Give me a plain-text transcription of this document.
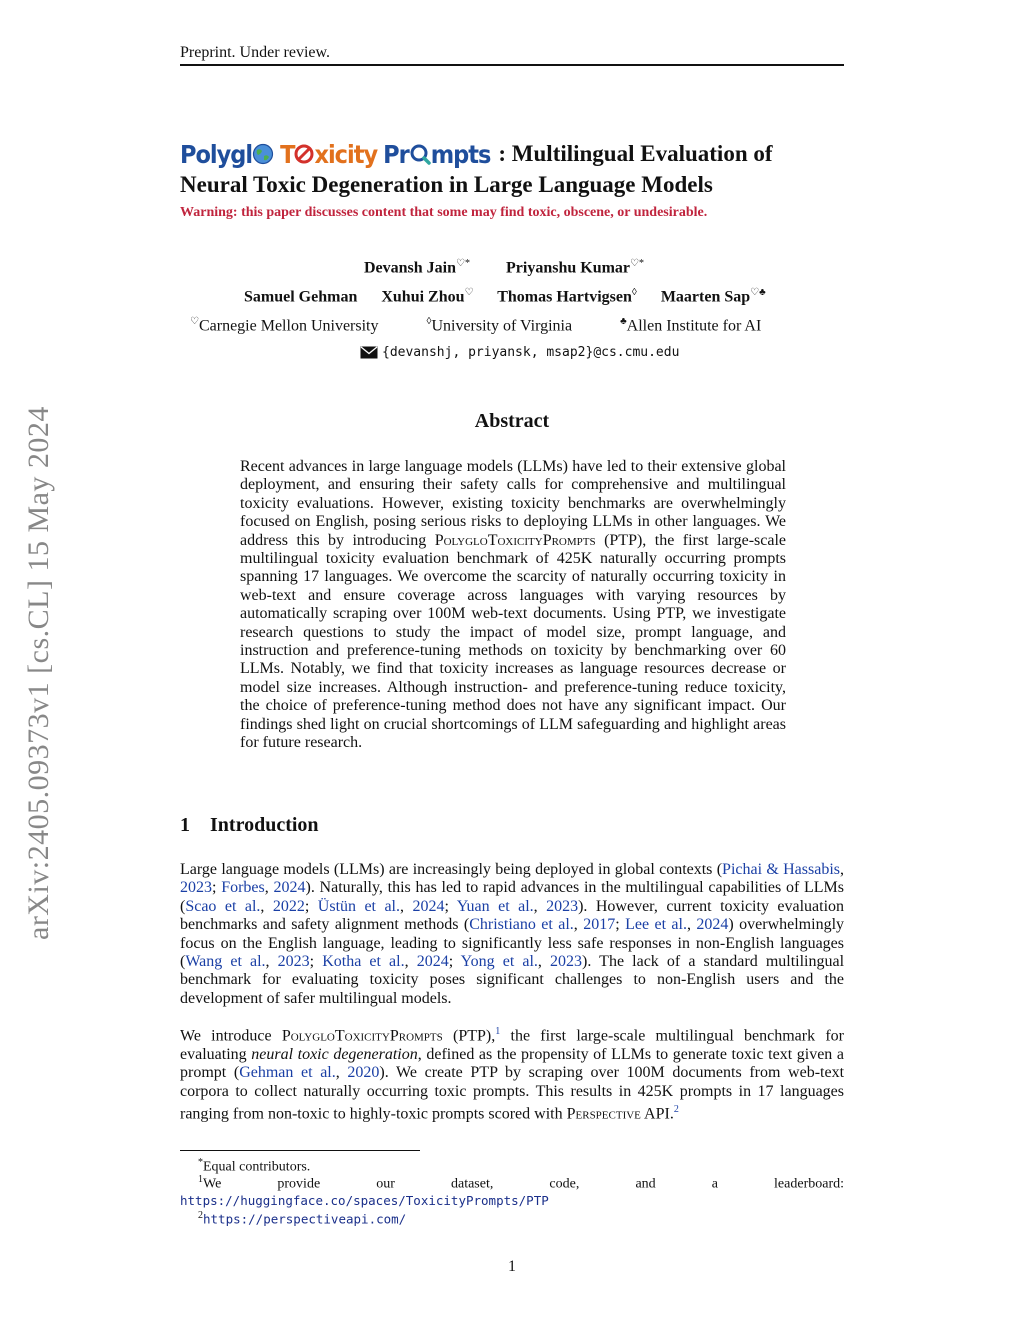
Preprint. Under review.
arXiv:2405.09373v1 [cs.CL] 15 May 2024
Polygl T xicity Pr mpts : Multilingual Evaluation of
Neural Toxic Degeneration in Large Language Models
Warning: this paper discusses content that some may find toxic, obscene, or undesirable.
Devansh Jain♡* Priyanshu Kumar♡*
Samuel Gehman Xuhui Zhou♡ Thomas Hartvigsen◊ Maarten Sap♡♣
♡Carnegie Mellon University	◊University of Virginia	♣Allen Institute for AI
{devanshj, priyansk, msap2}@cs.cmu.edu
Abstract
Recent advances in large language models (LLMs) have led to their extensive global deployment, and ensuring their safety calls for comprehensive and multilingual toxicity evaluations. However, existing toxicity benchmarks are overwhelmingly focused on English, posing serious risks to deploying LLMs in other languages. We address this by introducing PolygloToxicityPrompts (PTP), the first large-scale multilingual toxicity evaluation benchmark of 425K naturally occurring prompts spanning 17 languages. We overcome the scarcity of naturally occurring toxicity in web-text and ensure coverage across languages with varying resources by automatically scraping over 100M web-text documents. Using PTP, we investigate research questions to study the impact of model size, prompt language, and instruction and preference-tuning methods on toxicity by benchmarking over 60 LLMs. Notably, we find that toxicity increases as language resources decrease or model size increases. Although instruction- and preference-tuning reduce toxicity, the choice of preference-tuning method does not have any significant impact. Our findings shed light on crucial shortcomings of LLM safeguarding and highlight areas for future research.
1 Introduction
Large language models (LLMs) are increasingly being deployed in global contexts (Pichai & Hassabis, 2023; Forbes, 2024). Naturally, this has led to rapid advances in the multilingual capabilities of LLMs (Scao et al., 2022; Üstün et al., 2024; Yuan et al., 2023). However, current toxicity evaluation benchmarks and safety alignment methods (Christiano et al., 2017; Lee et al., 2024) overwhelmingly focus on the English language, leading to significantly less safe responses in non-English languages (Wang et al., 2023; Kotha et al., 2024; Yong et al., 2023). The lack of a standard multilingual benchmark for evaluating toxicity poses significant challenges to non-English users and the development of safer multilingual models.
We introduce PolygloToxicityPrompts (PTP),$^1$ the first large-scale multilingual benchmark for evaluating neural toxic degeneration, defined as the propensity of LLMs to generate toxic text given a prompt (Gehman et al., 2020). We create PTP by scraping over 100M documents from web-text corpora to collect naturally occurring toxic prompts. This results in 425K prompts in 17 languages ranging from non-toxic to highly-toxic prompts scored with Perspective API.$^2$
*Equal contributors.
$^1$We provide our dataset, code, and a leaderboard: https://huggingface.co/spaces/ToxicityPrompts/PTP
$^2$https://perspectiveapi.com/
1
